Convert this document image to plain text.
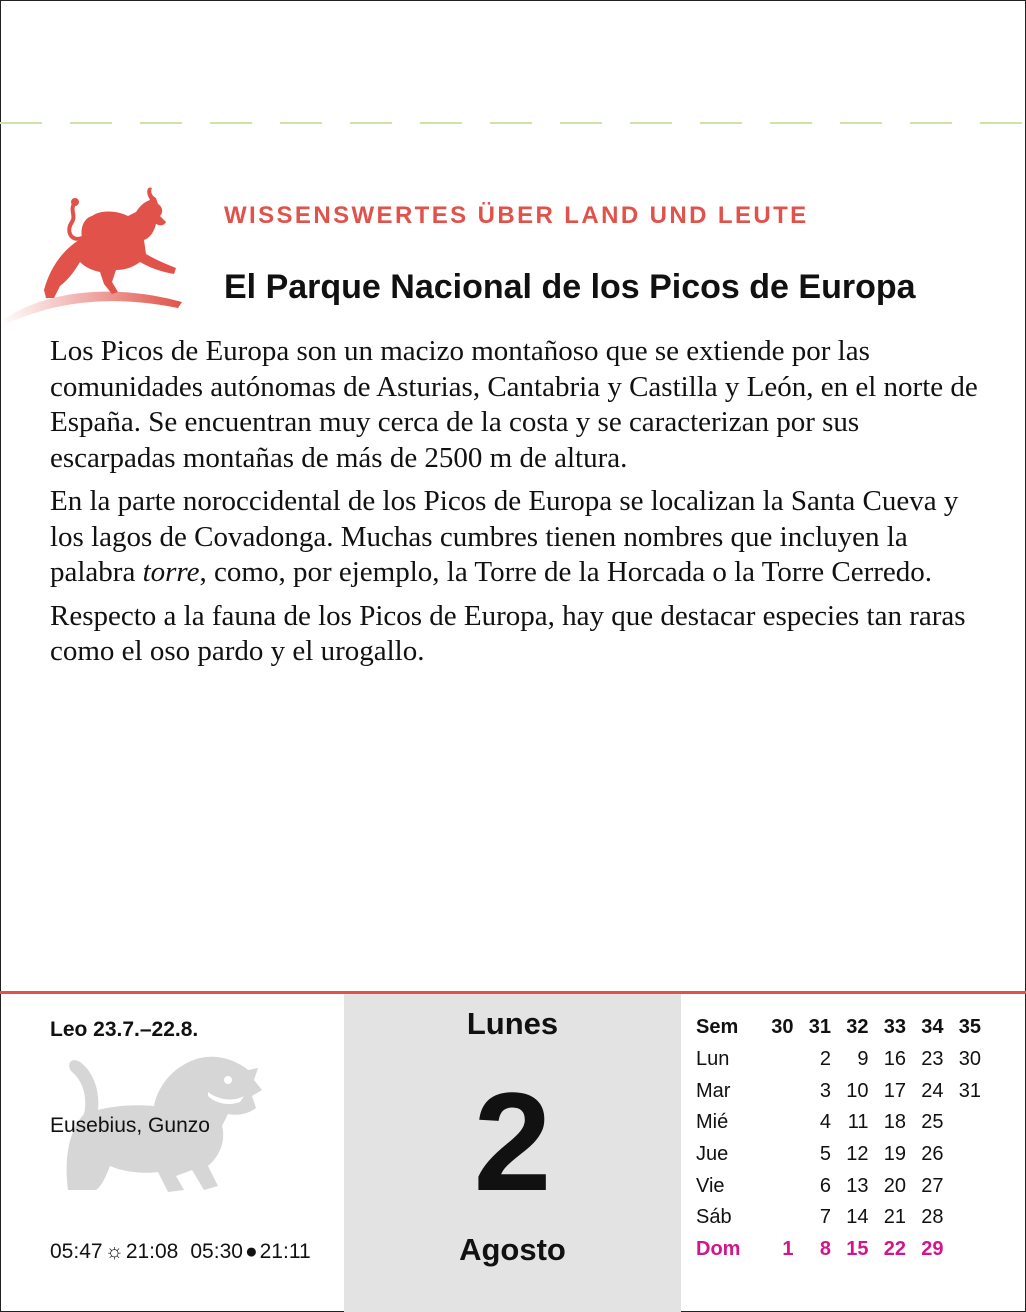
WISSENSWERTES ÜBER LAND UND LEUTE
El Parque Nacional de los Picos de Europa

Los Picos de Europa son un macizo montañoso que se extiende por las comunidades autónomas de Asturias, Cantabria y Castilla y León, en el norte de España. Se encuentran muy cerca de la costa y se caracterizan por sus escarpadas montañas de más de 2500 m de altura.

En la parte noroccidental de los Picos de Europa se localizan la Santa Cueva y los lagos de Covadonga. Muchas cumbres tienen nombres que incluyen la palabra torre, como, por ejemplo, la Torre de la Horcada o la Torre Cerredo.

Respecto a la fauna de los Picos de Europa, hay que destacar especies tan raras como el oso pardo y el urogallo.

Leo 23.7.–22.8.
Eusebius, Gunzo
05:47 ☼ 21:08 05:30 ● 21:11
Lunes
Agosto
2
Sem	30	31	32	33	34	35
Lun		2	9	16	23	30
Mar		3	10	17	24	31
Mié		4	11	18	25	
Jue		5	12	19	26	
Vie		6	13	20	27	
Sáb		7	14	21	28	
Dom	1	8	15	22	29	
